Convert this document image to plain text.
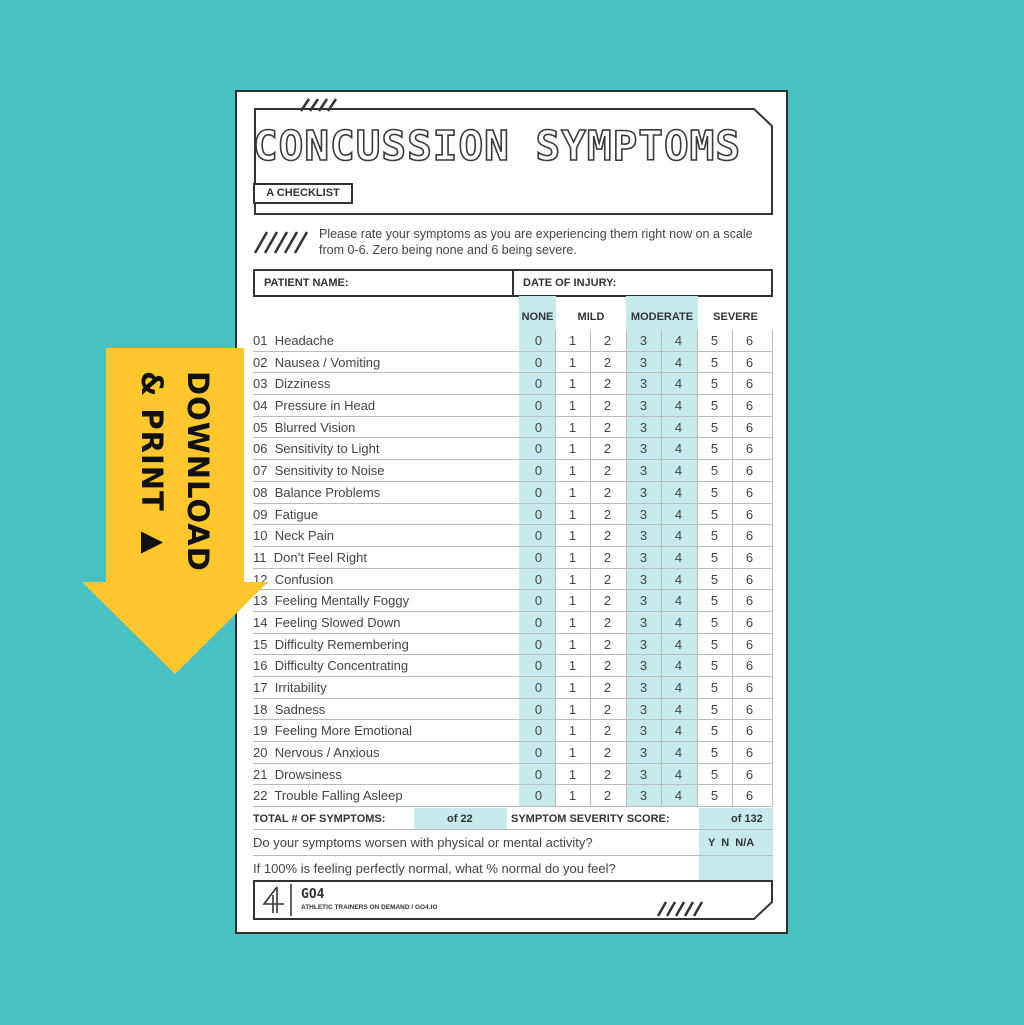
CONCUSSION SYMPTOMS
A CHECKLIST
Please rate your symptoms as you are experiencing them right now on a scale from 0-6. Zero being none and 6 being severe.
PATIENT NAME:	DATE OF INJURY:
NONE	MILD	MODERATE	SEVERE
01 Headache	0	1	2	3	4	5	6
02 Nausea / Vomiting	0	1	2	3	4	5	6
03 Dizziness	0	1	2	3	4	5	6
04 Pressure in Head	0	1	2	3	4	5	6
05 Blurred Vision	0	1	2	3	4	5	6
06 Sensitivity to Light	0	1	2	3	4	5	6
07 Sensitivity to Noise	0	1	2	3	4	5	6
08 Balance Problems	0	1	2	3	4	5	6
09 Fatigue	0	1	2	3	4	5	6
10 Neck Pain	0	1	2	3	4	5	6
11 Don’t Feel Right	0	1	2	3	4	5	6
12 Confusion	0	1	2	3	4	5	6
13 Feeling Mentally Foggy	0	1	2	3	4	5	6
14 Feeling Slowed Down	0	1	2	3	4	5	6
15 Difficulty Remembering	0	1	2	3	4	5	6
16 Difficulty Concentrating	0	1	2	3	4	5	6
17 Irritability	0	1	2	3	4	5	6
18 Sadness	0	1	2	3	4	5	6
19 Feeling More Emotional	0	1	2	3	4	5	6
20 Nervous / Anxious	0	1	2	3	4	5	6
21 Drowsiness	0	1	2	3	4	5	6
22 Trouble Falling Asleep	0	1	2	3	4	5	6
TOTAL # OF SYMPTOMS:	of 22	SYMPTOM SEVERITY SCORE:	of 132
Do your symptoms worsen with physical or mental activity?	Y  N  N/A
If 100% is feeling perfectly normal, what % normal do you feel?
GO4
ATHLETIC TRAINERS ON DEMAND / GO4.IO
DOWNLOAD
& PRINT ▶
